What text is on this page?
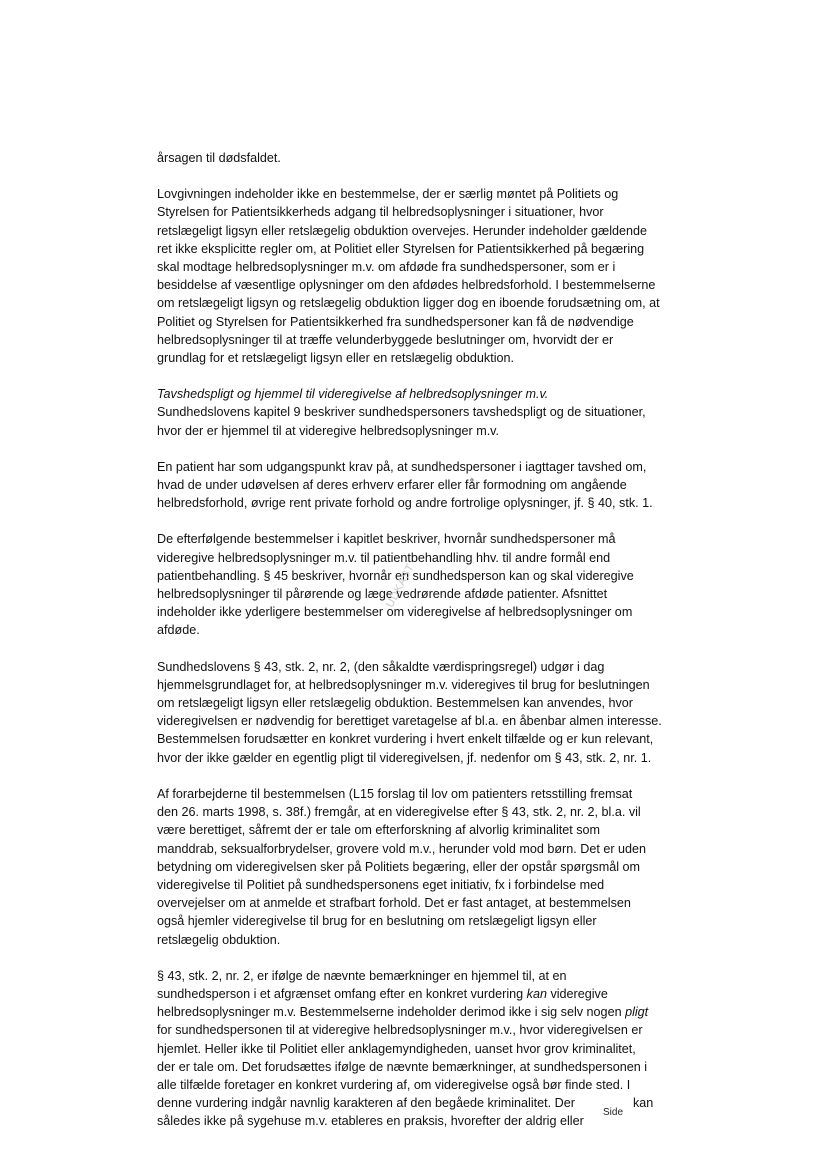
årsagen til dødsfaldet.

Lovgivningen indeholder ikke en bestemmelse, der er særlig møntet på Politiets og
Styrelsen for Patientsikkerheds adgang til helbredsoplysninger i situationer, hvor
retslægeligt ligsyn eller retslægelig obduktion overvejes. Herunder indeholder gældende
ret ikke eksplicitte regler om, at Politiet eller Styrelsen for Patientsikkerhed på begæring
skal modtage helbredsoplysninger m.v. om afdøde fra sundhedspersoner, som er i
besiddelse af væsentlige oplysninger om den afdødes helbredsforhold. I bestemmelserne
om retslægeligt ligsyn og retslægelig obduktion ligger dog en iboende forudsætning om, at
Politiet og Styrelsen for Patientsikkerhed fra sundhedspersoner kan få de nødvendige
helbredsoplysninger til at træffe velunderbyggede beslutninger om, hvorvidt der er
grundlag for et retslægeligt ligsyn eller en retslægelig obduktion.

Tavshedspligt og hjemmel til videregivelse af helbredsoplysninger m.v.
Sundhedslovens kapitel 9 beskriver sundhedspersoners tavshedspligt og de situationer,
hvor der er hjemmel til at videregive helbredsoplysninger m.v.

En patient har som udgangspunkt krav på, at sundhedspersoner i iagttager tavshed om,
hvad de under udøvelsen af deres erhverv erfarer eller får formodning om angående
helbredsforhold, øvrige rent private forhold og andre fortrolige oplysninger, jf. § 40, stk. 1.

De efterfølgende bestemmelser i kapitlet beskriver, hvornår sundhedspersoner må
videregive helbredsoplysninger m.v. til patientbehandling hhv. til andre formål end
patientbehandling. § 45 beskriver, hvornår en sundhedsperson kan og skal videregive
helbredsoplysninger til pårørende og læge vedrørende afdøde patienter. Afsnittet
indeholder ikke yderligere bestemmelser om videregivelse af helbredsoplysninger om
afdøde.

Sundhedslovens § 43, stk. 2, nr. 2, (den såkaldte værdispringsregel) udgør i dag
hjemmelsgrundlaget for, at helbredsoplysninger m.v. videregives til brug for beslutningen
om retslægeligt ligsyn eller retslægelig obduktion. Bestemmelsen kan anvendes, hvor
videregivelsen er nødvendig for berettiget varetagelse af bl.a. en åbenbar almen interesse.
Bestemmelsen forudsætter en konkret vurdering i hvert enkelt tilfælde og er kun relevant,
hvor der ikke gælder en egentlig pligt til videregivelsen, jf. nedenfor om § 43, stk. 2, nr. 1.

Af forarbejderne til bestemmelsen (L15 forslag til lov om patienters retsstilling fremsat
den 26. marts 1998, s. 38f.) fremgår, at en videregivelse efter § 43, stk. 2, nr. 2, bl.a. vil
være berettiget, såfremt der er tale om efterforskning af alvorlig kriminalitet som
manddrab, seksualforbrydelser, grovere vold m.v., herunder vold mod børn. Det er uden
betydning om videregivelsen sker på Politiets begæring, eller der opstår spørgsmål om
videregivelse til Politiet på sundhedspersonens eget initiativ, fx i forbindelse med
overvejelser om at anmelde et strafbart forhold. Det er fast antaget, at bestemmelsen
også hjemler videregivelse til brug for en beslutning om retslægeligt ligsyn eller
retslægelig obduktion.

§ 43, stk. 2, nr. 2, er ifølge de nævnte bemærkninger en hjemmel til, at en
sundhedsperson i et afgrænset omfang efter en konkret vurdering kan videregive
helbredsoplysninger m.v. Bestemmelserne indeholder derimod ikke i sig selv nogen pligt
for sundhedspersonen til at videregive helbredsoplysninger m.v., hvor videregivelsen er
hjemlet. Heller ikke til Politiet eller anklagemyndigheden, uanset hvor grov kriminalitet,
der er tale om. Det forudsættes ifølge de nævnte bemærkninger, at sundhedspersonen i
alle tilfælde foretager en konkret vurdering af, om videregivelse også bør finde sted. I
denne vurdering indgår navnlig karakteren af den begåede kriminalitet. Der	kan
således ikke på sygehuse m.v. etableres en praksis, hvorefter der aldrig eller

UDKAST
Side
